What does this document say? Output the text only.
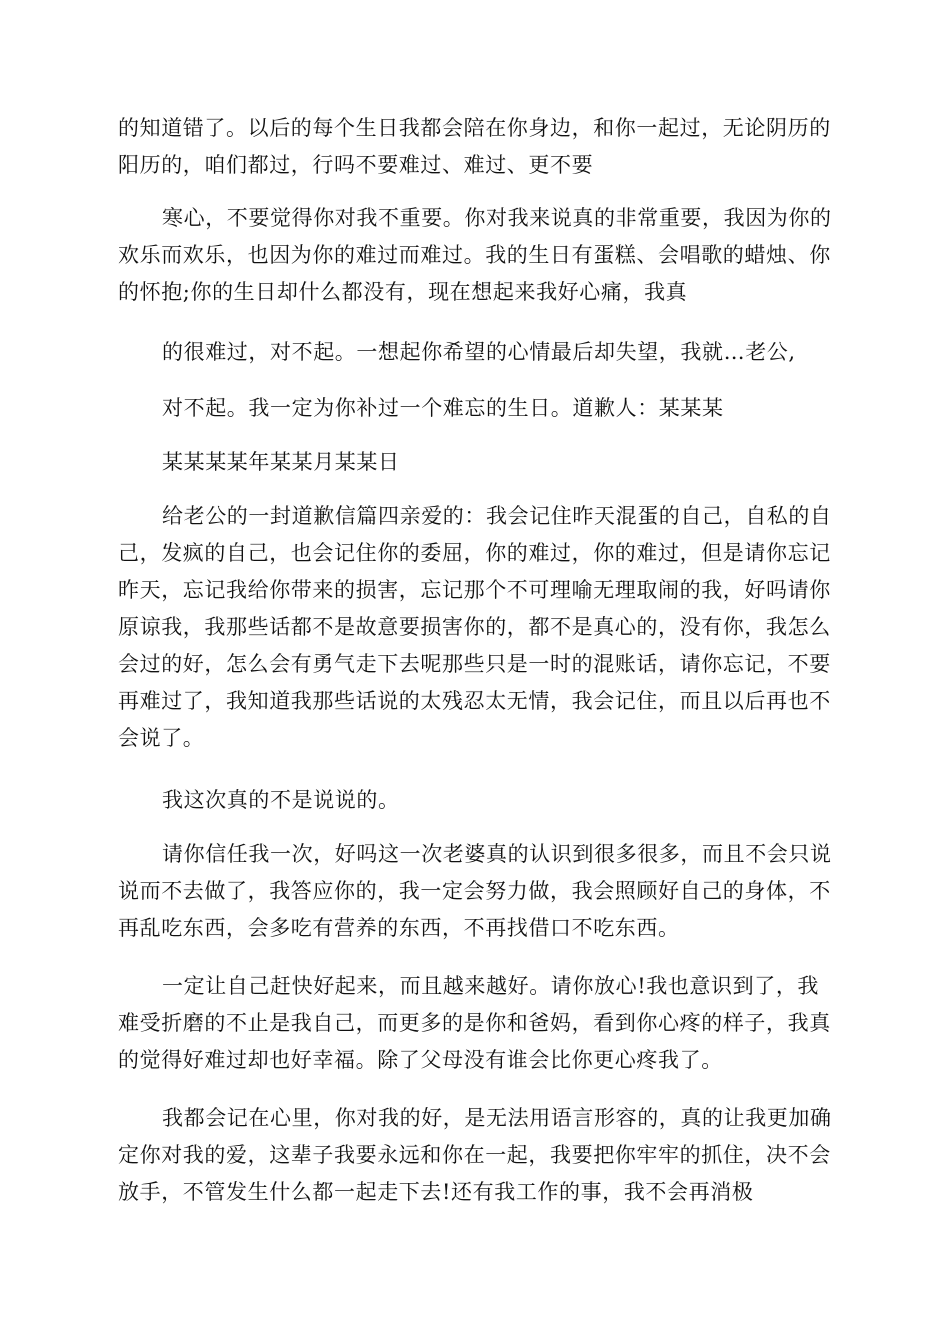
的知道错了。以后的每个生日我都会陪在你身边，和你一起过，无论阴历的阳历的，咱们都过，行吗不要难过、难过、更不要

寒心，不要觉得你对我不重要。你对我来说真的非常重要，我因为你的欢乐而欢乐，也因为你的难过而难过。我的生日有蛋糕、会唱歌的蜡烛、你的怀抱;你的生日却什么都没有，现在想起来我好心痛，我真

的很难过，对不起。一想起你希望的心情最后却失望，我就…老公,

对不起。我一定为你补过一个难忘的生日。道歉人：某某某

某某某某年某某月某某日

给老公的一封道歉信篇四亲爱的：我会记住昨天混蛋的自己，自私的自己，发疯的自己，也会记住你的委屈，你的难过，你的难过，但是请你忘记昨天，忘记我给你带来的损害，忘记那个不可理喻无理取闹的我，好吗请你原谅我，我那些话都不是故意要损害你的，都不是真心的，没有你，我怎么会过的好，怎么会有勇气走下去呢那些只是一时的混账话，请你忘记，不要再难过了，我知道我那些话说的太残忍太无情，我会记住，而且以后再也不会说了。

我这次真的不是说说的。

请你信任我一次，好吗这一次老婆真的认识到很多很多，而且不会只说说而不去做了，我答应你的，我一定会努力做，我会照顾好自己的身体，不再乱吃东西，会多吃有营养的东西，不再找借口不吃东西。

一定让自己赶快好起来，而且越来越好。请你放心!我也意识到了，我难受折磨的不止是我自己，而更多的是你和爸妈，看到你心疼的样子，我真的觉得好难过却也好幸福。除了父母没有谁会比你更心疼我了。

我都会记在心里，你对我的好，是无法用语言形容的，真的让我更加确定你对我的爱，这辈子我要永远和你在一起，我要把你牢牢的抓住，决不会放手，不管发生什么都一起走下去!还有我工作的事，我不会再消极
